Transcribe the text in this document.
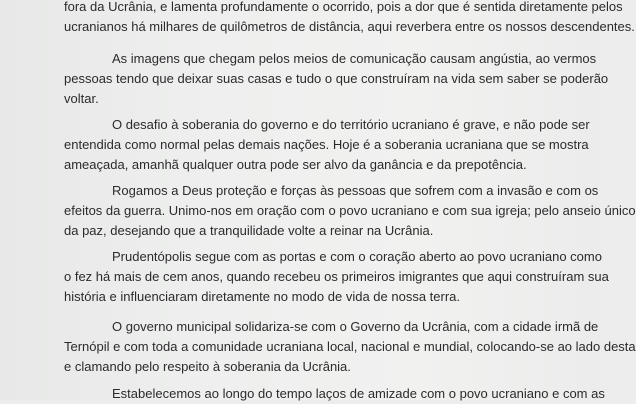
fora da Ucrânia, e lamenta profundamente o ocorrido, pois a dor que é sentida diretamente pelos
ucranianos há milhares de quilômetros de distância, aqui reverbera entre os nossos descendentes.
As imagens que chegam pelos meios de comunicação causam angústia, ao vermos
pessoas tendo que deixar suas casas e tudo o que construíram na vida sem saber se poderão
voltar.
O desafio à soberania do governo e do território ucraniano é grave, e não pode ser
entendida como normal pelas demais nações. Hoje é a soberania ucraniana que se mostra
ameaçada, amanhã qualquer outra pode ser alvo da ganância e da prepotência.
Rogamos a Deus proteção e forças às pessoas que sofrem com a invasão e com os
efeitos da guerra. Unimo-nos em oração com o povo ucraniano e com sua igreja; pelo anseio único
da paz, desejando que a tranquilidade volte a reinar na Ucrânia.
Prudentópolis segue com as portas e com o coração aberto ao povo ucraniano como
o fez há mais de cem anos, quando recebeu os primeiros imigrantes que aqui construíram sua
história e influenciaram diretamente no modo de vida de nossa terra.
O governo municipal solidariza-se com o Governo da Ucrânia, com a cidade irmã de
Ternópil e com toda a comunidade ucraniana local, nacional e mundial, colocando-se ao lado desta
e clamando pelo respeito à soberania da Ucrânia.
Estabelecemos ao longo do tempo laços de amizade com o povo ucraniano e com as
